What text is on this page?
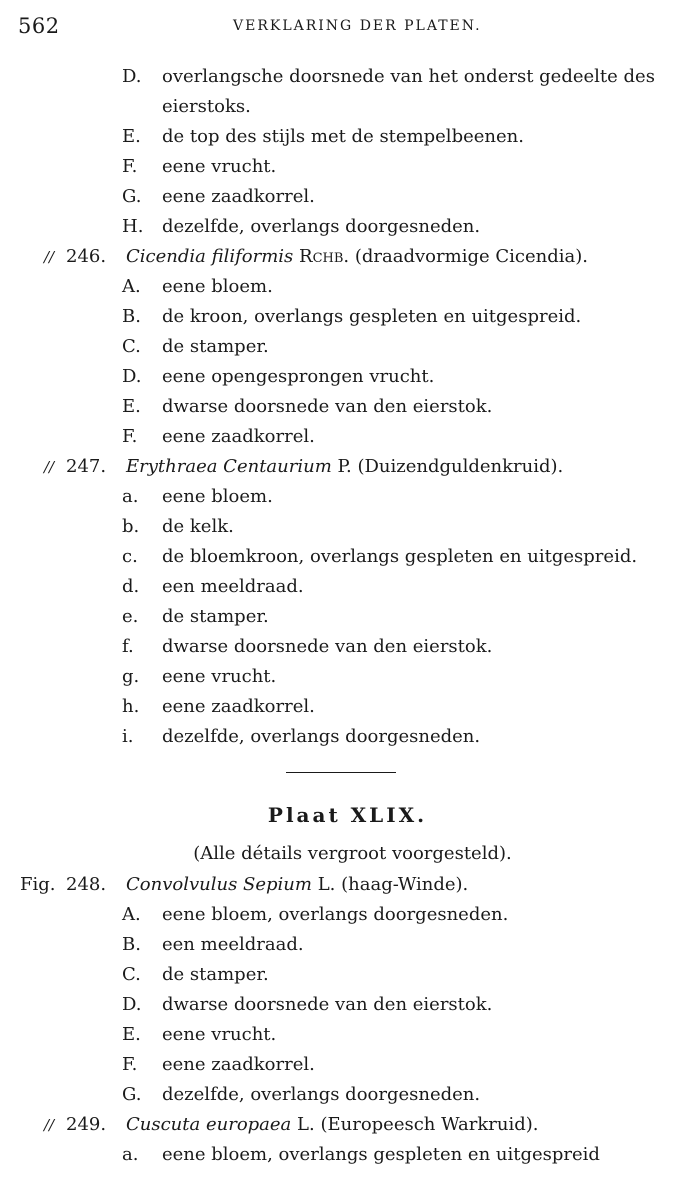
562	VERKLARING DER PLATEN.
D. overlangsche doorsnede van het onderst gedeelte des
eierstoks.
E. de top des stijls met de stempelbeenen.
F. eene vrucht.
G. eene zaadkorrel.
H. dezelfde, overlangs doorgesneden.
// 246. Cicendia filiformis Rchb. (draadvormige Cicendia).
A. eene bloem.
B. de kroon, overlangs gespleten en uitgespreid.
C. de stamper.
D. eene opengesprongen vrucht.
E. dwarse doorsnede van den eierstok.
F. eene zaadkorrel.
// 247. Erythraea Centaurium P. (Duizendguldenkruid).
a. eene bloem.
b. de kelk.
c. de bloemkroon, overlangs gespleten en uitgespreid.
d. een meeldraad.
e. de stamper.
f. dwarse doorsnede van den eierstok.
g. eene vrucht.
h. eene zaadkorrel.
i. dezelfde, overlangs doorgesneden.
Plaat XLIX.
(Alle détails vergroot voorgesteld).
Fig. 248. Convolvulus Sepium L. (haag-Winde).
A. eene bloem, overlangs doorgesneden.
B. een meeldraad.
C. de stamper.
D. dwarse doorsnede van den eierstok.
E. eene vrucht.
F. eene zaadkorrel.
G. dezelfde, overlangs doorgesneden.
// 249. Cuscuta europaea L. (Europeesch Warkruid).
a. eene bloem, overlangs gespleten en uitgespreid
